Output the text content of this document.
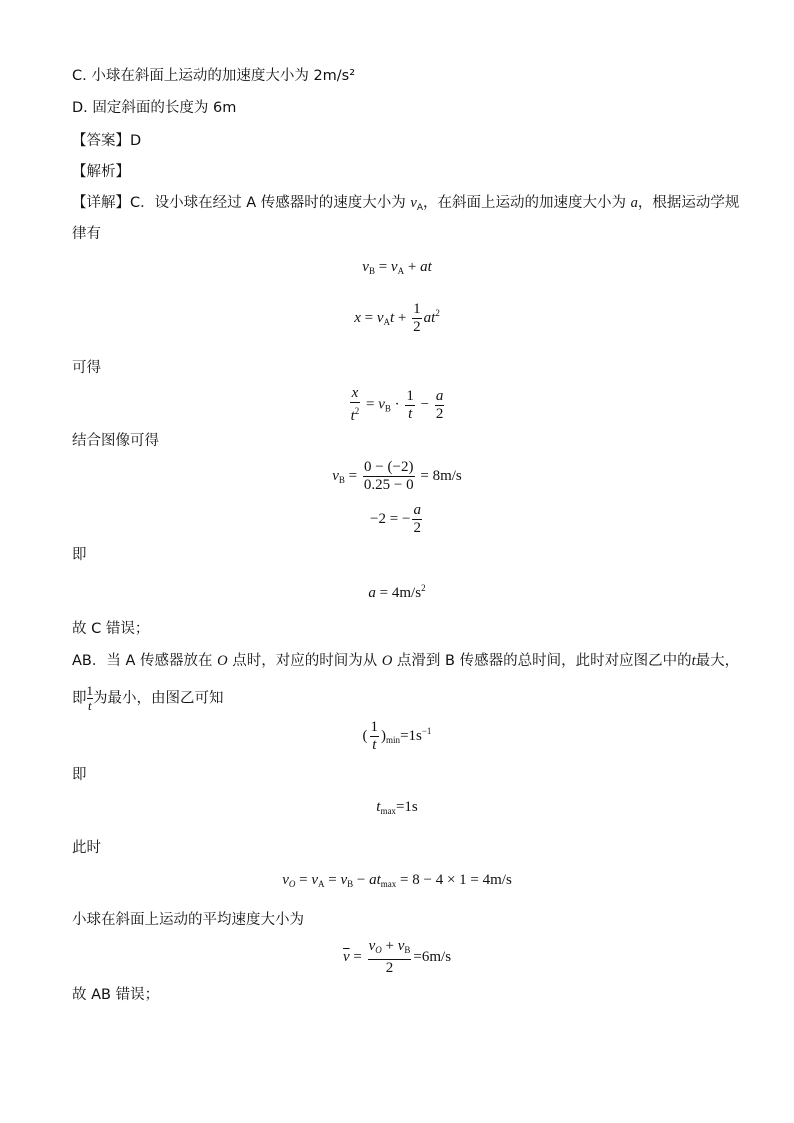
C. 小球在斜面上运动的加速度大小为 2m/s²
D. 固定斜面的长度为 6m
【答案】D
【解析】
【详解】C．设小球在经过 A 传感器时的速度大小为 $v_A$，在斜面上运动的加速度大小为 a，根据运动学规
律有
$v_B = v_A$ + at
$x = v_At + \frac{1}{2} at^2$
可得
$\frac{x}{t^2} = v_B \cdot \frac{1}{t} - \frac{a}{2}$
结合图像可得
$v_B = \frac{0 - (-2)}{0.25 - 0} = 8m/s$
−2 = − $\frac{a}{2}$
即
$a = 4m/s^2$
故 C 错误；
AB．当 A 传感器放在 O 点时，对应的时间为从 O 点滑到 B 传感器的总时间，此时对应图乙中的t最大，
即 $\frac{1}{t}$ 为最小，由图乙可知
( $\frac{1}{t} )_{min}=1s^{-1}$
即
$t_{max}=1s$
此时
$v_O = v_A = v_B - at_{max} = 8 - 4 \times 1 = 4m/s$
小球在斜面上运动的平均速度大小为
$\overline{v} = \frac{v_O + v_B}{2} =6m/s$
故 AB 错误；
